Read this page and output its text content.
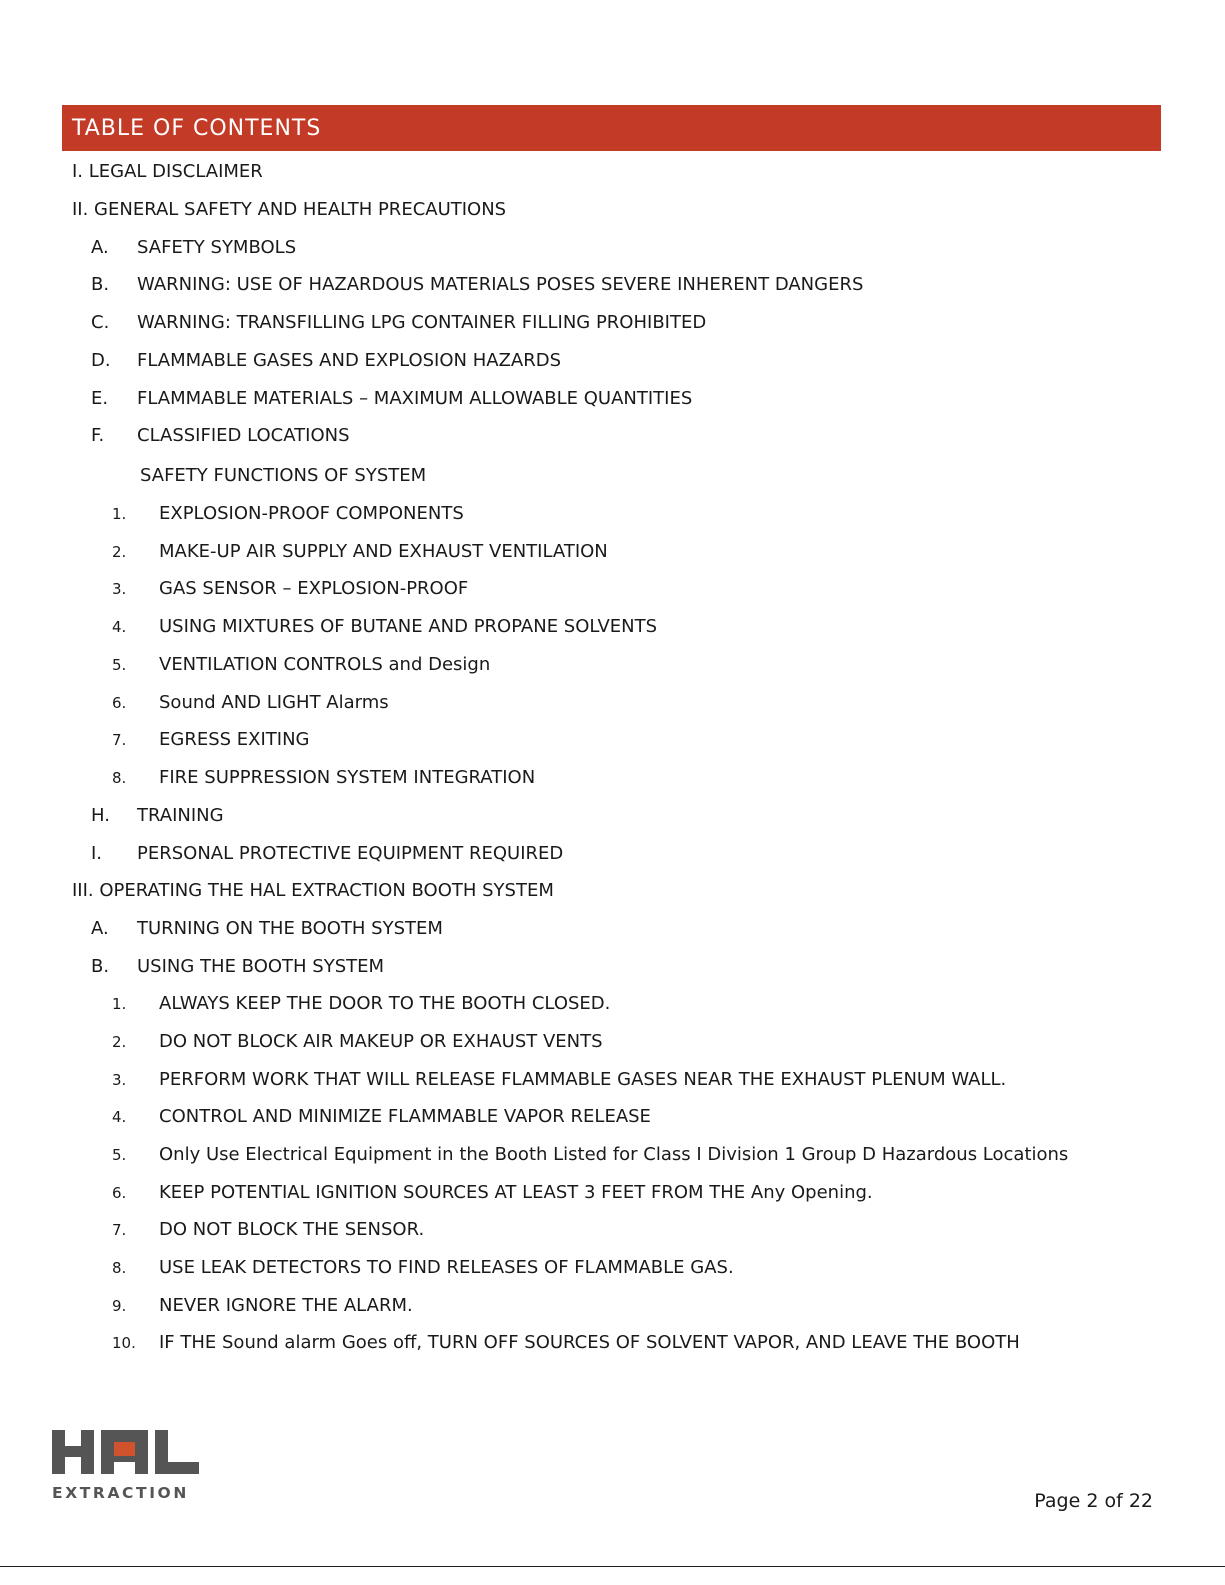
TABLE OF CONTENTS
I. LEGAL DISCLAIMER
II. GENERAL SAFETY AND HEALTH PRECAUTIONS
A. SAFETY SYMBOLS
B. WARNING: USE OF HAZARDOUS MATERIALS POSES SEVERE INHERENT DANGERS
C. WARNING: TRANSFILLING LPG CONTAINER FILLING PROHIBITED
D. FLAMMABLE GASES AND EXPLOSION HAZARDS
E. FLAMMABLE MATERIALS – MAXIMUM ALLOWABLE QUANTITIES
F. CLASSIFIED LOCATIONS
SAFETY FUNCTIONS OF SYSTEM
1. EXPLOSION-PROOF COMPONENTS
2. MAKE-UP AIR SUPPLY AND EXHAUST VENTILATION
3. GAS SENSOR – EXPLOSION-PROOF
4. USING MIXTURES OF BUTANE AND PROPANE SOLVENTS
5. VENTILATION CONTROLS and Design
6. Sound AND LIGHT Alarms
7. EGRESS EXITING
8. FIRE SUPPRESSION SYSTEM INTEGRATION
H. TRAINING
I. PERSONAL PROTECTIVE EQUIPMENT REQUIRED
III. OPERATING THE HAL EXTRACTION BOOTH SYSTEM
A. TURNING ON THE BOOTH SYSTEM
B. USING THE BOOTH SYSTEM
1. ALWAYS KEEP THE DOOR TO THE BOOTH CLOSED.
2. DO NOT BLOCK AIR MAKEUP OR EXHAUST VENTS
3. PERFORM WORK THAT WILL RELEASE FLAMMABLE GASES NEAR THE EXHAUST PLENUM WALL.
4. CONTROL AND MINIMIZE FLAMMABLE VAPOR RELEASE
5. Only Use Electrical Equipment in the Booth Listed for Class I Division 1 Group D Hazardous Locations
6. KEEP POTENTIAL IGNITION SOURCES AT LEAST 3 FEET FROM THE Any Opening.
7. DO NOT BLOCK THE SENSOR.
8. USE LEAK DETECTORS TO FIND RELEASES OF FLAMMABLE GAS.
9. NEVER IGNORE THE ALARM.
10. IF THE Sound alarm Goes off, TURN OFF SOURCES OF SOLVENT VAPOR, AND LEAVE THE BOOTH
EXTRACTION	Page 2 of 22
